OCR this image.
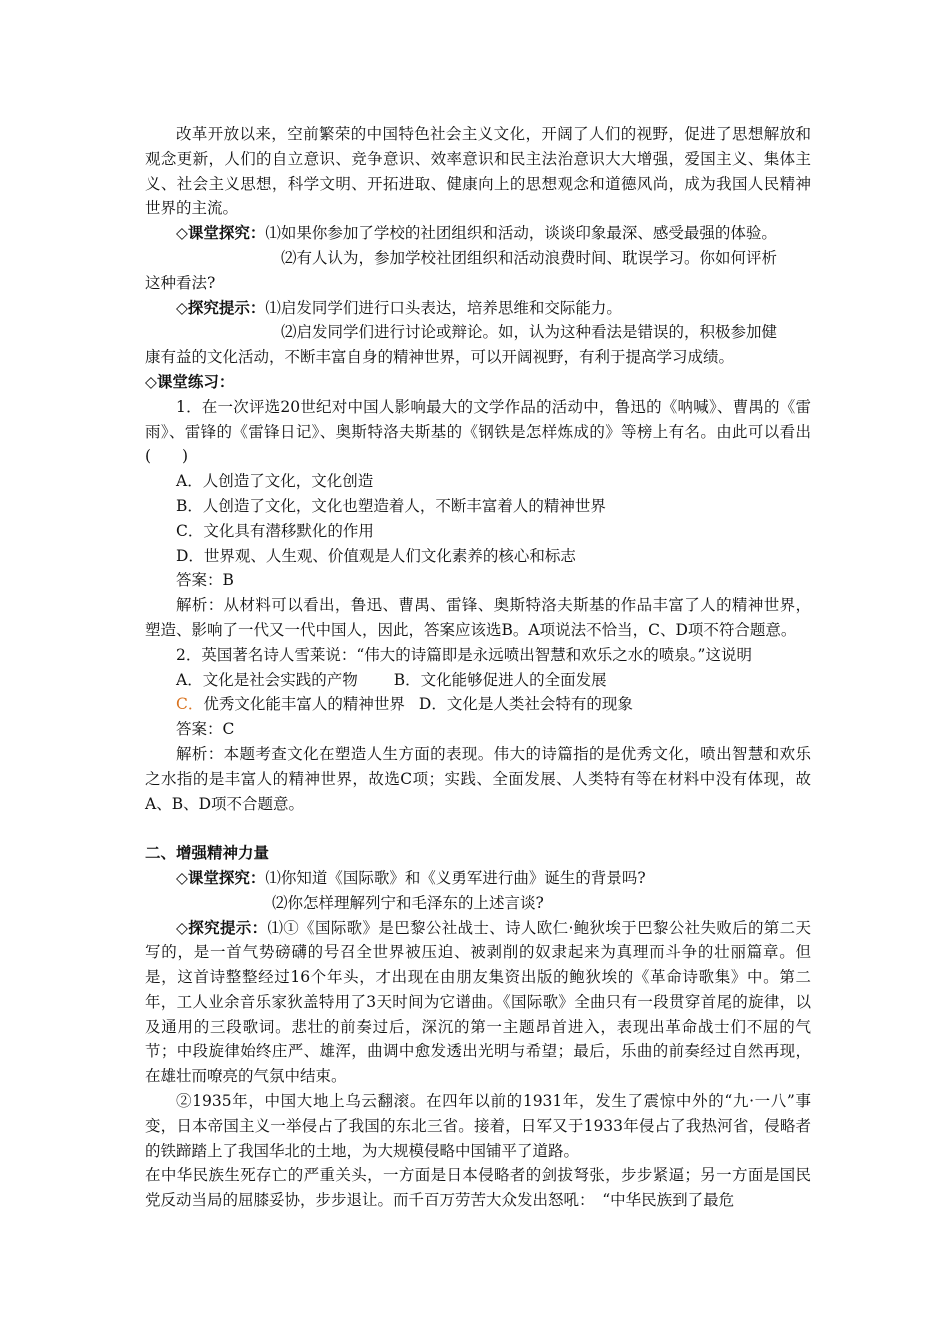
改革开放以来，空前繁荣的中国特色社会主义文化，开阔了人们的视野，促进了思想解放和观念更新，人们的自立意识、竞争意识、效率意识和民主法治意识大大增强，爱国主义、集体主义、社会主义思想，科学文明、开拓进取、健康向上的思想观念和道德风尚，成为我国人民精神世界的主流。

◇课堂探究：⑴如果你参加了学校的社团组织和活动，谈谈印象最深、感受最强的体验。

⑵有人认为，参加学校社团组织和活动浪费时间、耽误学习。你如何评析

这种看法?

◇探究提示：⑴启发同学们进行口头表达，培养思维和交际能力。

⑵启发同学们进行讨论或辩论。如，认为这种看法是错误的，积极参加健

康有益的文化活动，不断丰富自身的精神世界，可以开阔视野，有利于提高学习成绩。

◇课堂练习：

1．在一次评选20世纪对中国人影响最大的文学作品的活动中，鲁迅的《呐喊》、曹禺的《雷雨》、雷锋的《雷锋日记》、奥斯特洛夫斯基的《钢铁是怎样炼成的》等榜上有名。由此可以看出(　　)

A．人创造了文化，文化创造

B．人创造了文化，文化也塑造着人，不断丰富着人的精神世界

C．文化具有潜移默化的作用

D．世界观、人生观、价值观是人们文化素养的核心和标志

答案：B

解析：从材料可以看出，鲁迅、曹禺、雷锋、奥斯特洛夫斯基的作品丰富了人的精神世界，塑造、影响了一代又一代中国人，因此，答案应该选B。A项说法不恰当，C、D项不符合题意。

2．英国著名诗人雪莱说：“伟大的诗篇即是永远喷出智慧和欢乐之水的喷泉。”这说明

A．文化是社会实践的产物 B．文化能够促进人的全面发展

C．优秀文化能丰富人的精神世界 D．文化是人类社会特有的现象

答案：C

解析：本题考查文化在塑造人生方面的表现。伟大的诗篇指的是优秀文化，喷出智慧和欢乐之水指的是丰富人的精神世界，故选C项；实践、全面发展、人类特有等在材料中没有体现，故A、B、D项不合题意。

二、增强精神力量

◇课堂探究：⑴你知道《国际歌》和《义勇军进行曲》诞生的背景吗?

⑵你怎样理解列宁和毛泽东的上述言谈?

◇探究提示：⑴①《国际歌》是巴黎公社战士、诗人欧仁·鲍狄埃于巴黎公社失败后的第二天写的，是一首气势磅礴的号召全世界被压迫、被剥削的奴隶起来为真理而斗争的壮丽篇章。但是，这首诗整整经过16个年头，才出现在由朋友集资出版的鲍狄埃的《革命诗歌集》中。第二年，工人业余音乐家狄盖特用了3天时间为它谱曲。《国际歌》全曲只有一段贯穿首尾的旋律，以及通用的三段歌词。悲壮的前奏过后，深沉的第一主题昂首进入，表现出革命战士们不屈的气节；中段旋律始终庄严、雄浑，曲调中愈发透出光明与希望；最后，乐曲的前奏经过自然再现，在雄壮而嘹亮的气氛中结束。

②1935年，中国大地上乌云翻滚。在四年以前的1931年，发生了震惊中外的“九·一八”事变，日本帝国主义一举侵占了我国的东北三省。接着，日军又于1933年侵占了我热河省，侵略者的铁蹄踏上了我国华北的土地，为大规模侵略中国铺平了道路。

在中华民族生死存亡的严重关头，一方面是日本侵略者的剑拔弩张，步步紧逼；另一方面是国民党反动当局的屈膝妥协，步步退让。而千百万劳苦大众发出怒吼：　“中华民族到了最危
